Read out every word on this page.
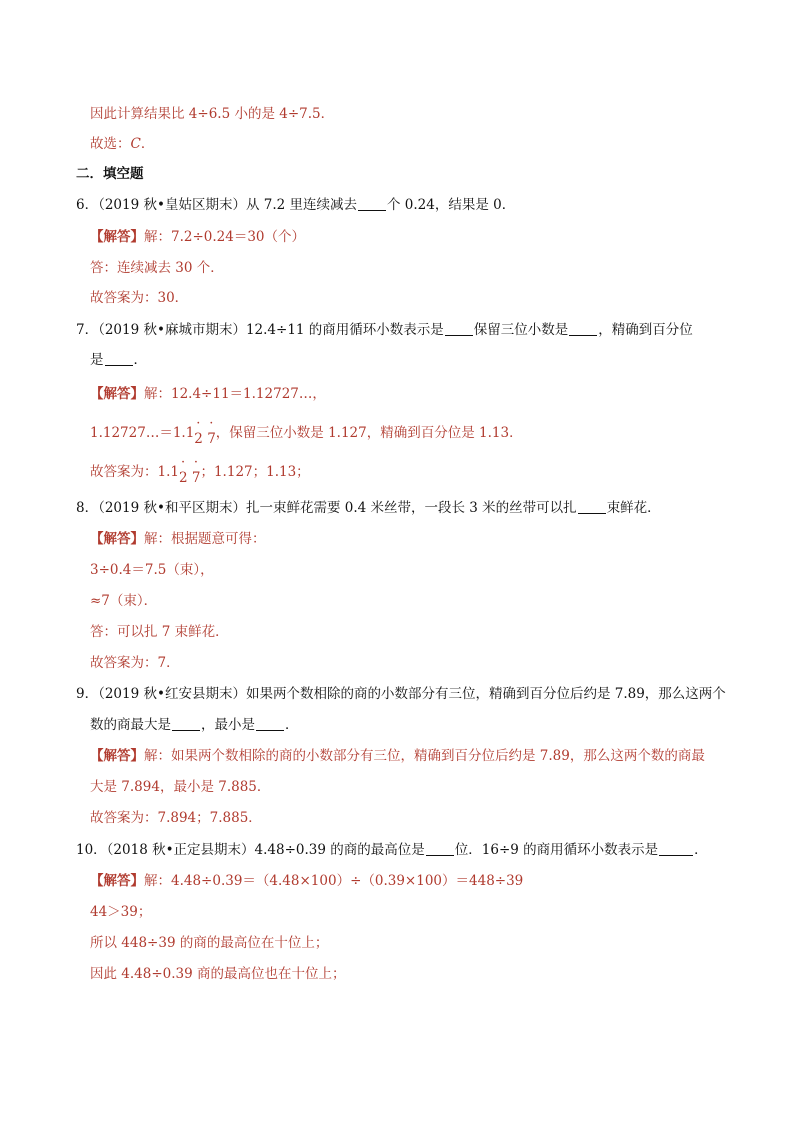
因此计算结果比 4÷6.5 小的是 4÷7.5．
故选：C．
二．填空题
6．（2019 秋•皇姑区期末）从 7.2 里连续减去 个 0.24，结果是 0．
【解答】解：7.2÷0.24＝30（个）
答：连续减去 30 个．
故答案为：30．
7．（2019 秋•麻城市期末）12.4÷11 的商用循环小数表示是 保留三位小数是 ，精确到百分位
是 ．
【解答】解：12.4÷11＝1.12727…，
1.12727…＝1.1
·
2
·
7，保留三位小数是 1.127，精确到百分位是 1.13．
故答案为：1.1
·
2
·
7；1.127；1.13；
8．（2019 秋•和平区期末）扎一束鲜花需要 0.4 米丝带，一段长 3 米的丝带可以扎 束鲜花．
【解答】解：根据题意可得：
3÷0.4＝7.5（束），
≈7（束）．
答：可以扎 7 束鲜花．
故答案为：7．
9．（2019 秋•红安县期末）如果两个数相除的商的小数部分有三位，精确到百分位后约是 7.89，那么这两个
数的商最大是 ，最小是 ．
【解答】解：如果两个数相除的商的小数部分有三位，精确到百分位后约是 7.89，那么这两个数的商最
大是 7.894，最小是 7.885．
故答案为：7.894；7.885．
10．（2018 秋•正定县期末）4.48÷0.39 的商的最高位是 位．16÷9 的商用循环小数表示是	．
【解答】解：4.48÷0.39＝（4.48×100）÷（0.39×100）＝448÷39
44＞39；
所以 448÷39 的商的最高位在十位上；
因此 4.48÷0.39 商的最高位也在十位上；
